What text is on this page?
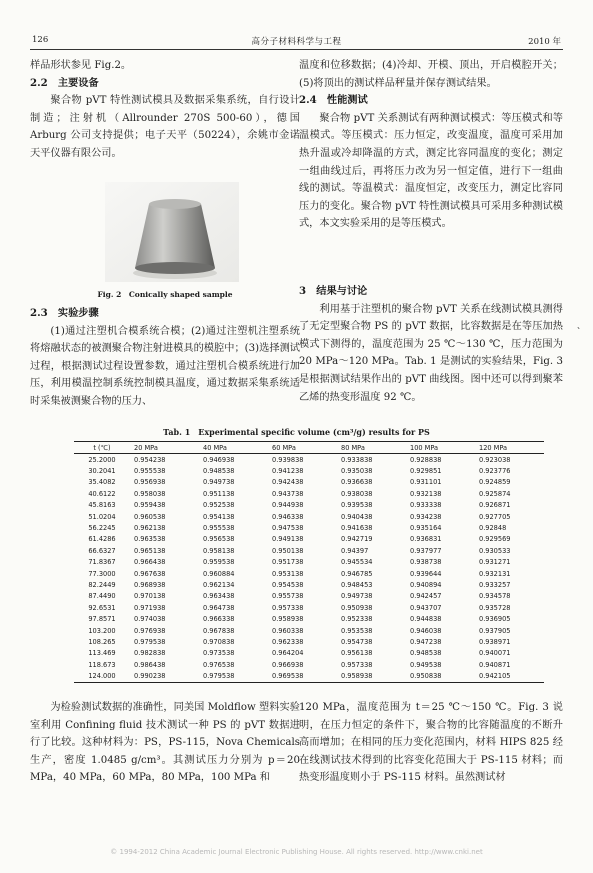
126	高分子材料科学与工程	2010 年

样品形状参见 Fig.2。

2.2　主要设备

聚合物 pVT 特性测试模具及数据采集系统，自行设计制造；注射机（Allrounder 270S 500-60），德国 Arburg 公司支持提供；电子天平（50224），余姚市金诺天平仪器有限公司。

Fig. 2　Conically shaped sample

2.3　实验步骤

(1)通过注塑机合模系统合模；(2)通过注塑机注塑系统将熔融状态的被测聚合物注射进模具的模腔中；(3)选择测试过程，根据测试过程设置参数，通过注塑机合模系统进行加压，利用模温控制系统控制模具温度，通过数据采集系统适时采集被测聚合物的压力、

温度和位移数据；(4)冷却、开模、顶出，开启模腔开关；(5)将顶出的测试样品秤量并保存测试结果。

2.4　性能测试

聚合物 pVT 关系测试有两种测试模式：等压模式和等温模式。等压模式：压力恒定，改变温度，温度可采用加热升温或冷却降温的方式，测定比容同温度的变化；测定一组曲线过后，再将压力改为另一恒定值，进行下一组曲线的测试。等温模式：温度恒定，改变压力，测定比容同压力的变化。聚合物 pVT 特性测试模具可采用多种测试模式，本文实验采用的是等压模式。

3　结果与讨论

利用基于注塑机的聚合物 pVT 关系在线测试模具测得了无定型聚合物 PS 的 pVT 数据，比容数据是在等压加热模式下测得的，温度范围为 25 ℃～130 ℃，压力范围为 20 MPa～120 MPa。Tab. 1 是测试的实验结果，Fig. 3 是根据测试结果作出的 pVT 曲线图。图中还可以得到聚苯乙烯的热变形温度 92 ℃。

、
Tab. 1　Experimental specific volume (cm³/g) results for PS
t (℃)	20 MPa	40 MPa	60 MPa	80 MPa	100 MPa	120 MPa
25.2000	0.954238	0.946938	0.939838	0.933838	0.928838	0.923038
30.2041	0.955538	0.948538	0.941238	0.935038	0.929851	0.923776
35.4082	0.956938	0.949738	0.942438	0.936638	0.931101	0.924859
40.6122	0.958038	0.951138	0.943738	0.938038	0.932138	0.925874
45.8163	0.959438	0.952538	0.944938	0.939538	0.933338	0.926871
51.0204	0.960538	0.954138	0.946338	0.940438	0.934238	0.927705
56.2245	0.962138	0.955538	0.947538	0.941638	0.935164	0.92848
61.4286	0.963538	0.956538	0.949138	0.942719	0.936831	0.929569
66.6327	0.965138	0.958138	0.950138	0.94397	0.937977	0.930533
71.8367	0.966438	0.959538	0.951738	0.945534	0.938738	0.931271
77.3000	0.967638	0.960884	0.953138	0.946785	0.939644	0.932131
82.2449	0.968938	0.962134	0.954538	0.948453	0.940894	0.933257
87.4490	0.970138	0.963438	0.955738	0.949738	0.942457	0.934578
92.6531	0.971938	0.964738	0.957338	0.950938	0.943707	0.935728
97.8571	0.974038	0.966338	0.958938	0.952338	0.944838	0.936905
103.200	0.976938	0.967838	0.960338	0.953538	0.946038	0.937905
108.265	0.979538	0.970838	0.962338	0.954738	0.947238	0.938971
113.469	0.982838	0.973538	0.964204	0.956138	0.948538	0.940071
118.673	0.986438	0.976538	0.966938	0.957338	0.949538	0.940871
124.000	0.990238	0.979538	0.969538	0.958938	0.950838	0.942105

为检验测试数据的准确性，同美国 Moldflow 塑料实验室利用 Confining fluid 技术测试一种 PS 的 pVT 数据进行了比较。这种材料为：PS，PS-115，Nova Chemicals 生产，密度 1.0485 g/cm³。其测试压力分别为 p＝20 MPa，40 MPa，60 MPa，80 MPa，100 MPa 和

120 MPa，温度范围为 t＝25 ℃～150 ℃。Fig. 3 说明，在压力恒定的条件下，聚合物的比容随温度的不断升高而增加；在相同的压力变化范围内，材料 HIPS 825 经在线测试技术得到的比容变化范围大于 PS-115 材料；而热变形温度则小于 PS-115 材料。虽然测试材

© 1994-2012 China Academic Journal Electronic Publishing House. All rights reserved. http://www.cnki.net
